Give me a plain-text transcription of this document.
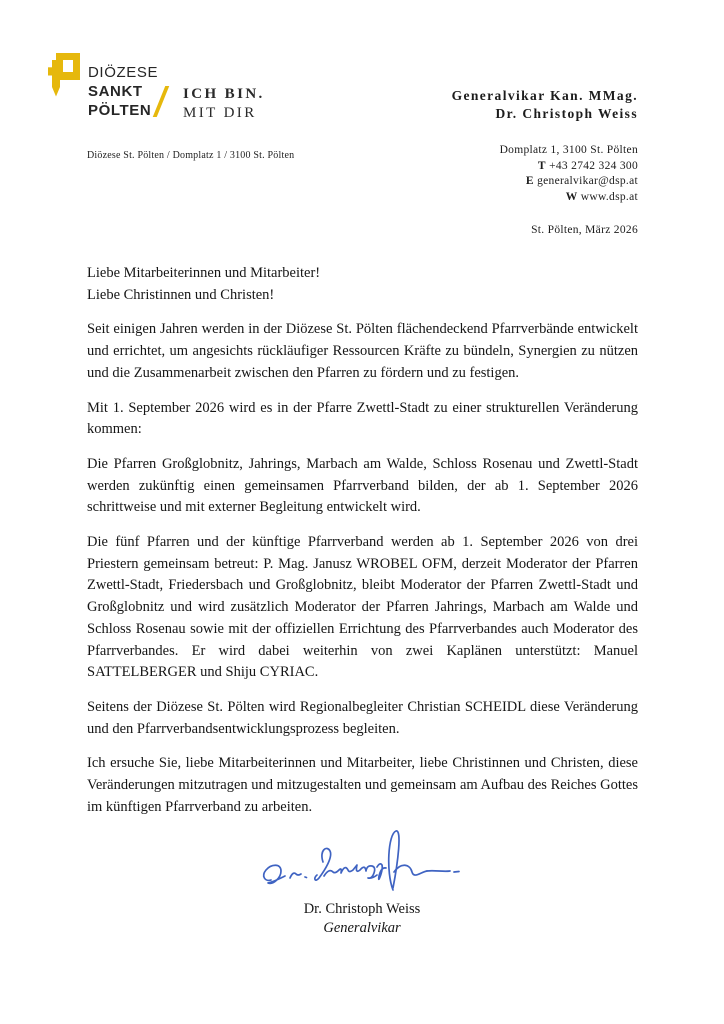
DIÖZESE
SANKT
PÖLTEN
ICH BIN.
MIT DIR
Diözese St. Pölten / Domplatz 1 / 3100 St. Pölten
Generalvikar Kan. MMag.
Dr. Christoph Weiss
Domplatz 1, 3100 St. Pölten
T +43 2742 324 300
E generalvikar@dsp.at
W www.dsp.at
St. Pölten, März 2026

Liebe Mitarbeiterinnen und Mitarbeiter!
Liebe Christinnen und Christen!

Seit einigen Jahren werden in der Diözese St. Pölten flächendeckend Pfarrverbände entwickelt und errichtet, um angesichts rückläufiger Ressourcen Kräfte zu bündeln, Synergien zu nützen und die Zusammenarbeit zwischen den Pfarren zu fördern und zu festigen.

Mit 1. September 2026 wird es in der Pfarre Zwettl-Stadt zu einer strukturellen Veränderung kommen:

Die Pfarren Großglobnitz, Jahrings, Marbach am Walde, Schloss Rosenau und Zwettl-Stadt werden zukünftig einen gemeinsamen Pfarrverband bilden, der ab 1. September 2026 schrittweise und mit externer Begleitung entwickelt wird.

Die fünf Pfarren und der künftige Pfarrverband werden ab 1. September 2026 von drei Priestern gemeinsam betreut: P. Mag. Janusz WROBEL OFM, derzeit Moderator der Pfarren Zwettl-Stadt, Friedersbach und Großglobnitz, bleibt Moderator der Pfarren Zwettl-Stadt und Großglobnitz und wird zusätzlich Moderator der Pfarren Jahrings, Marbach am Walde und Schloss Rosenau sowie mit der offiziellen Errichtung des Pfarrverbandes auch Moderator des Pfarrverbandes. Er wird dabei weiterhin von zwei Kaplänen unterstützt: Manuel SATTELBERGER und Shiju CYRIAC.

Seitens der Diözese St. Pölten wird Regionalbegleiter Christian SCHEIDL diese Veränderung und den Pfarrverbandsentwicklungsprozess begleiten.

Ich ersuche Sie, liebe Mitarbeiterinnen und Mitarbeiter, liebe Christinnen und Christen, diese Veränderungen mitzutragen und mitzugestalten und gemeinsam am Aufbau des Reiches Gottes im künftigen Pfarrverband zu arbeiten.

Dr. Christoph Weiss
Generalvikar
